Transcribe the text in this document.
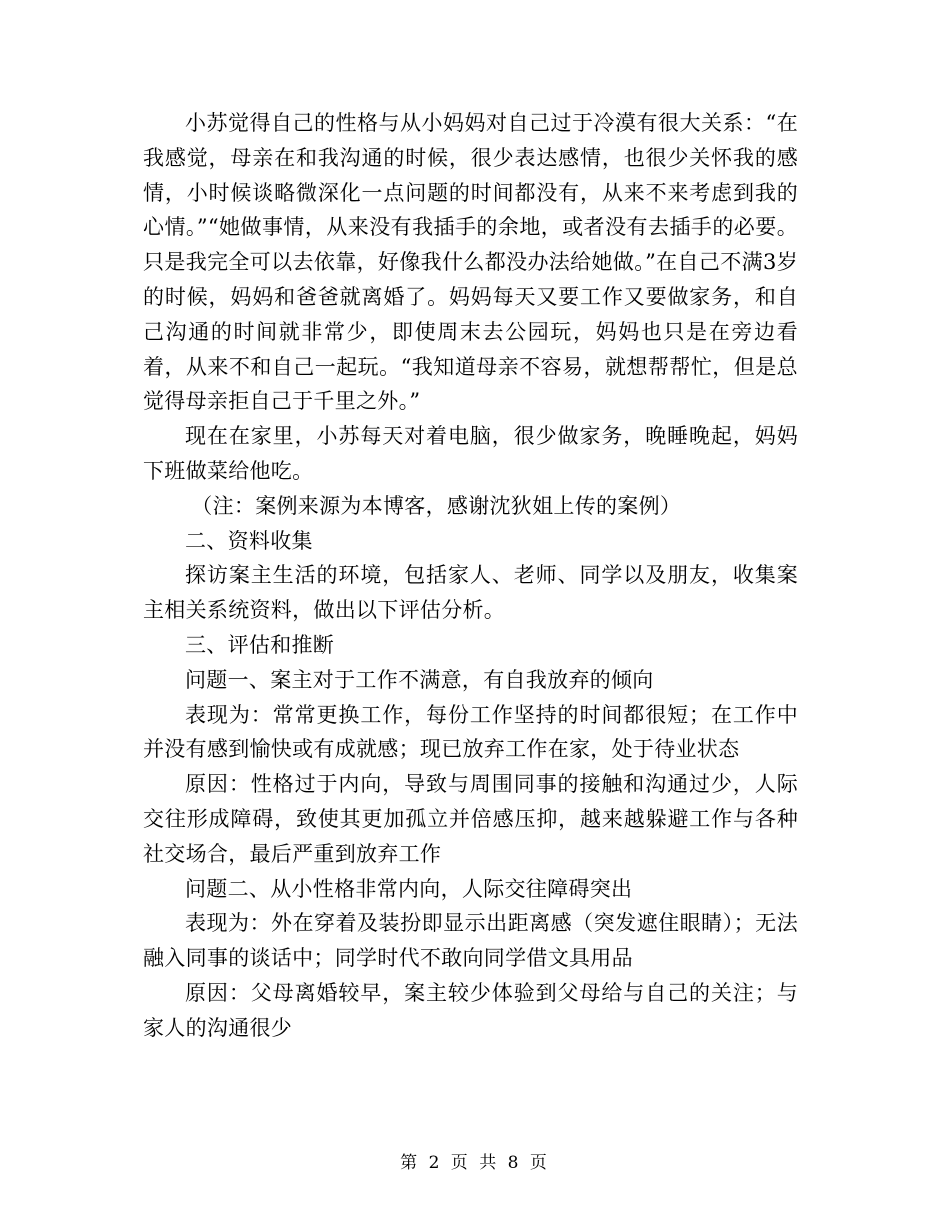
小苏觉得自己的性格与从小妈妈对自己过于冷漠有很大关系：“在我感觉，母亲在和我沟通的时候，很少表达感情，也很少关怀我的感情，小时候谈略微深化一点问题的时间都没有，从来不来考虑到我的心情。”“她做事情，从来没有我插手的余地，或者没有去插手的必要。只是我完全可以去依靠，好像我什么都没办法给她做。”在自己不满3岁的时候，妈妈和爸爸就离婚了。妈妈每天又要工作又要做家务，和自己沟通的时间就非常少，即使周末去公园玩，妈妈也只是在旁边看着，从来不和自己一起玩。“我知道母亲不容易，就想帮帮忙，但是总觉得母亲拒自己于千里之外。”

现在在家里，小苏每天对着电脑，很少做家务，晚睡晚起，妈妈下班做菜给他吃。

（注：案例来源为本博客，感谢沈狄姐上传的案例）

二、资料收集

探访案主生活的环境，包括家人、老师、同学以及朋友，收集案主相关系统资料，做出以下评估分析。

三、评估和推断

问题一、案主对于工作不满意，有自我放弃的倾向

表现为：常常更换工作，每份工作坚持的时间都很短；在工作中并没有感到愉快或有成就感；现已放弃工作在家，处于待业状态

原因：性格过于内向，导致与周围同事的接触和沟通过少，人际交往形成障碍，致使其更加孤立并倍感压抑，越来越躲避工作与各种社交场合，最后严重到放弃工作

问题二、从小性格非常内向，人际交往障碍突出

表现为：外在穿着及装扮即显示出距离感（突发遮住眼睛）；无法融入同事的谈话中；同学时代不敢向同学借文具用品

原因：父母离婚较早，案主较少体验到父母给与自己的关注；与家人的沟通很少

第 2 页 共 8 页
